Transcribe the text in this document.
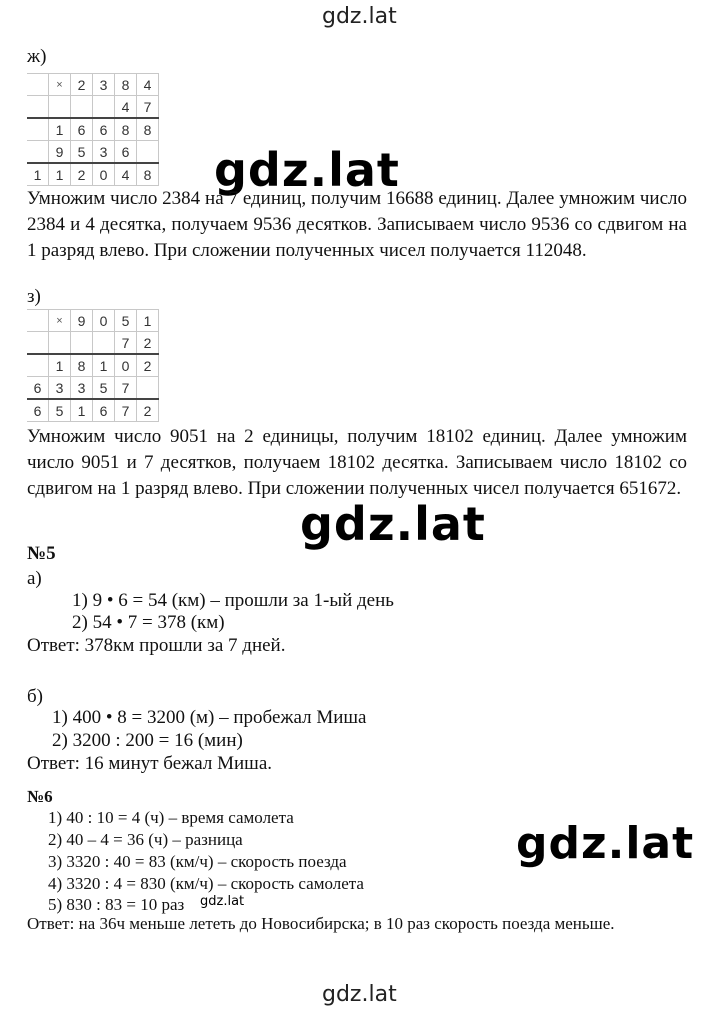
gdz.lat
ж)
	×	2	3	8	4
				4	7
	1	6	6	8	8
	9	5	3	6	
1	1	2	0	4	8 gdz.lat
Умножим число 2384 на 7 единиц, получим 16688 единиц. Далее умножим число 2384 и 4 десятка, получаем 9536 десятков. Записываем число 9536 со сдвигом на 1 разряд влево. При сложении полученных чисел получается 112048.
з)
	×	9	0	5	1
				7	2
	1	8	1	0	2
6	3	3	5	7	
6	5	1	6	7	2
Умножим число 9051 на 2 единицы, получим 18102 единиц. Далее умножим число 9051 и 7 десятков, получаем 18102 десятка. Записываем число 18102 со сдвигом на 1 разряд влево. При сложении полученных чисел получается 651672.
gdz.lat
№5
а)
1) 9 • 6 = 54 (км) – прошли за 1-ый день
2) 54 • 7 = 378 (км)
Ответ: 378км прошли за 7 дней.
б)
1) 400 • 8 = 3200 (м) – пробежал Миша
2) 3200 : 200 = 16 (мин)
Ответ: 16 минут бежал Миша.
№6
1) 40 : 10 = 4 (ч) – время самолета
2) 40 – 4 = 36 (ч) – разница
3) 3320 : 40 = 83 (км/ч) – скорость поезда
4) 3320 : 4 = 830 (км/ч) – скорость самолета
5) 830 : 83 = 10 раз
gdz.lat
gdz.lat
Ответ: на 36ч меньше лететь до Новосибирска; в 10 раз скорость поезда меньше.
gdz.lat
